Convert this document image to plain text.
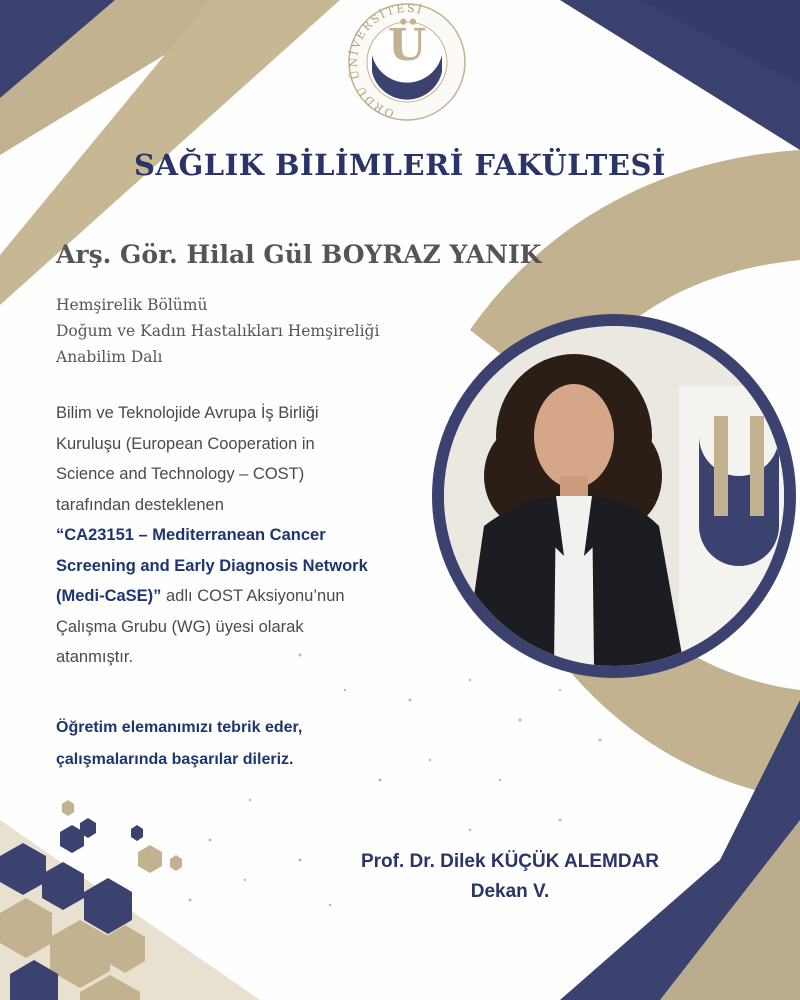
Ü
ORDU ÜNİVERSİTESİ
SAĞLIK BİLİMLERİ FAKÜLTESİ
Arş. Gör. Hilal Gül BOYRAZ YANIK
Hemşirelik Bölümü
Doğum ve Kadın Hastalıkları Hemşireliği
Anabilim Dalı
Bilim ve Teknolojide Avrupa İş Birliği
Kuruluşu (European Cooperation in
Science and Technology – COST)
tarafından desteklenen
“CA23151 – Mediterranean Cancer
Screening and Early Diagnosis Network
(Medi-CaSE)” adlı COST Aksiyonu’nun
Çalışma Grubu (WG) üyesi olarak
atanmıştır.
Öğretim elemanımızı tebrik eder,
çalışmalarında başarılar dileriz.
Prof. Dr. Dilek KÜÇÜK ALEMDAR
Dekan V.
